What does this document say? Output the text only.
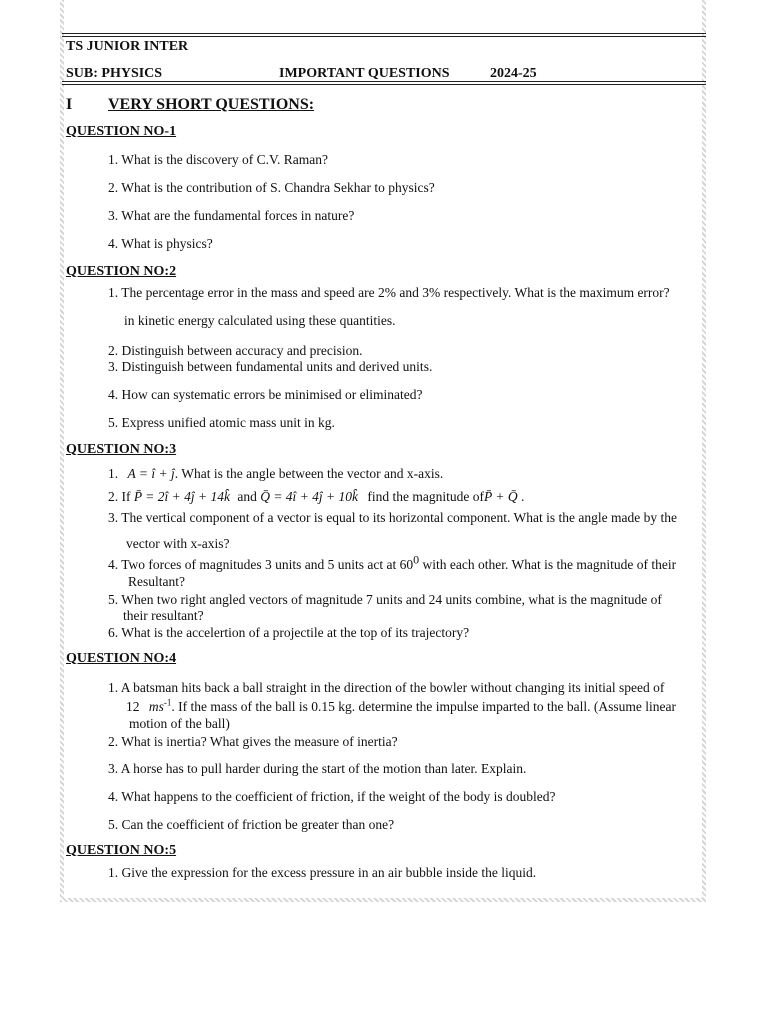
TS JUNIOR INTER
SUB: PHYSICS	IMPORTANT QUESTIONS	2024-25
I VERY SHORT QUESTIONS:
QUESTION NO-1
1. What is the discovery of C.V. Raman?
2. What is the contribution of S. Chandra Sekhar to physics?
3. What are the fundamental forces in nature?
4. What is physics?
QUESTION NO:2
1. The percentage error in the mass and speed are 2% and 3% respectively. What is the maximum error?
in kinetic energy calculated using these quantities.
2. Distinguish between accuracy and precision.
3. Distinguish between fundamental units and derived units.
4. How can systematic errors be minimised or eliminated?
5. Express unified atomic mass unit in kg.
QUESTION NO:3
1. A = î + ĵ. What is the angle between the vector and x-axis.
2. If P̄ = 2î + 4ĵ + 14k̂ and Q̄ = 4î + 4ĵ + 10k̂ find the magnitude ofP̄ + Q̄ .
3. The vertical component of a vector is equal to its horizontal component. What is the angle made by the
vector with x-axis?
4. Two forces of magnitudes 3 units and 5 units act at $60^0$ with each other. What is the magnitude of their
Resultant?
5. When two right angled vectors of magnitude 7 units and 24 units combine, what is the magnitude of
their resultant?
6. What is the accelertion of a projectile at the top of its trajectory?
QUESTION NO:4
1. A batsman hits back a ball straight in the direction of the bowler without changing its initial speed of
12 $ms^{-1}$. If the mass of the ball is 0.15 kg. determine the impulse imparted to the ball. (Assume linear
motion of the ball)
2. What is inertia? What gives the measure of inertia?
3. A horse has to pull harder during the start of the motion than later. Explain.
4. What happens to the coefficient of friction, if the weight of the body is doubled?
5. Can the coefficient of friction be greater than one?
QUESTION NO:5
1. Give the expression for the excess pressure in an air bubble inside the liquid.
